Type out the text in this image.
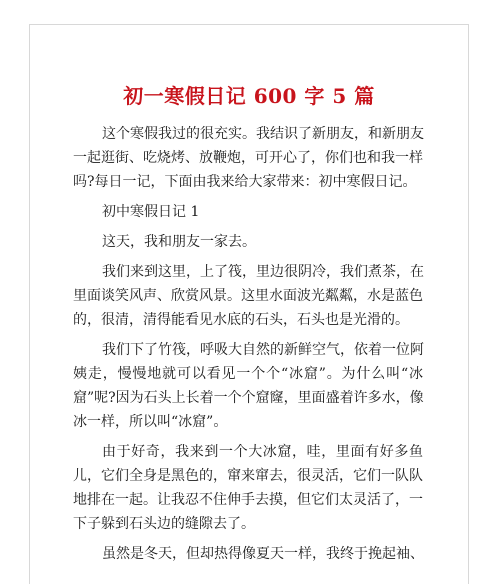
初一寒假日记 600 字 5 篇
这个寒假我过的很充实。我结识了新朋友，和新朋友
一起逛街、吃烧烤、放鞭炮，可开心了，你们也和我一样
吗?每日一记，下面由我来给大家带来：初中寒假日记。
初中寒假日记 1
这天，我和朋友一家去。
我们来到这里，上了筏，里边很阴冷，我们煮茶，在
里面谈笑风声、欣赏风景。这里水面波光粼粼，水是蓝色
的，很清，清得能看见水底的石头，石头也是光滑的。
我们下了竹筏，呼吸大自然的新鲜空气，依着一位阿
姨走，慢慢地就可以看见一个个“冰窟”。为什么叫“冰
窟”呢?因为石头上长着一个个窟窿，里面盛着许多水，像
冰一样，所以叫“冰窟”。
由于好奇，我来到一个大冰窟，哇，里面有好多鱼
儿，它们全身是黑色的，窜来窜去，很灵活，它们一队队
地排在一起。让我忍不住伸手去摸，但它们太灵活了，一
下子躲到石头边的缝隙去了。
虽然是冬天，但却热得像夏天一样，我终于挽起袖、
